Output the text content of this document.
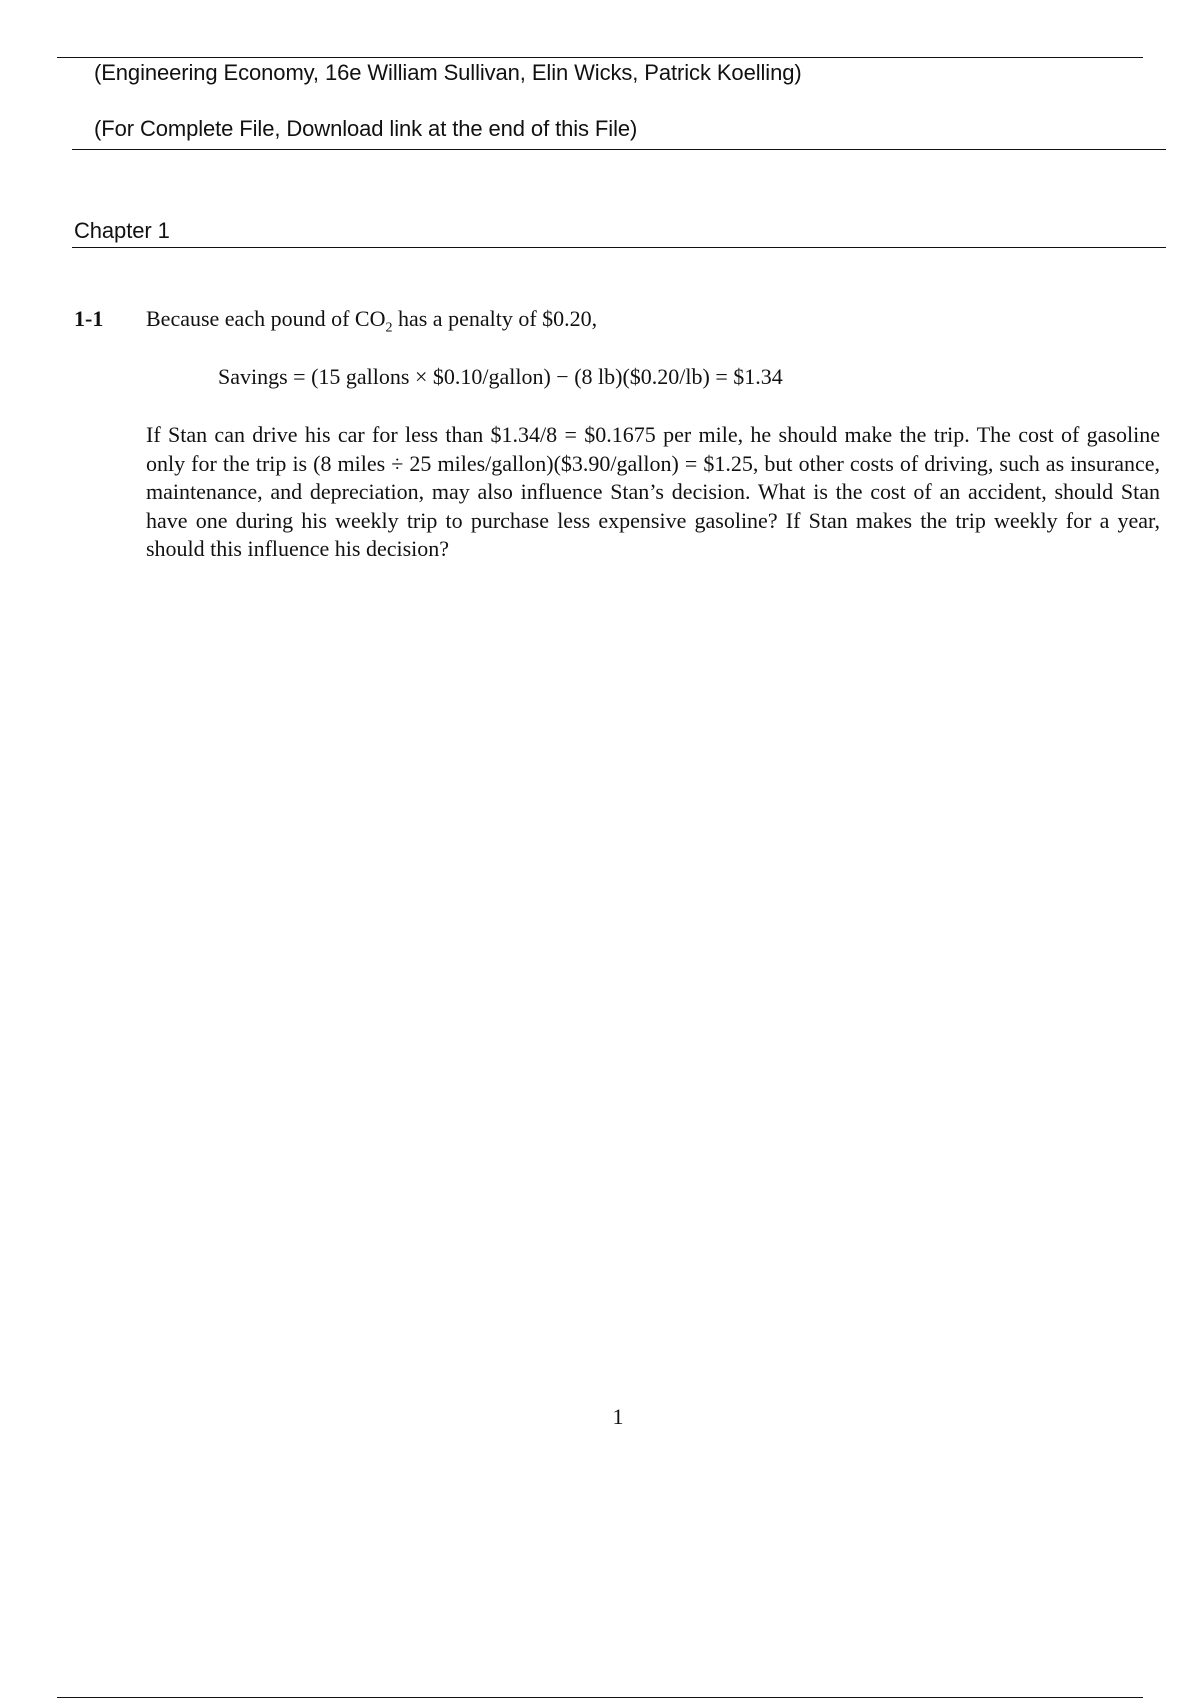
(Engineering Economy, 16e William Sullivan, Elin Wicks, Patrick Koelling)
(For Complete File, Download link at the end of this File)
Chapter 1
1-1 Because each pound of $CO_2$ has a penalty of $0.20,
Savings = (15 gallons × $0.10/gallon) − (8 lb)($0.20/lb) = $1.34

If Stan can drive his car for less than $1.34/8 = $0.1675 per mile, he should make the trip. The cost of gasoline only for the trip is (8 miles ÷ 25 miles/gallon)($3.90/gallon) = $1.25, but other costs of driving, such as insurance, maintenance, and depreciation, may also influence Stan’s decision. What is the cost of an accident, should Stan have one during his weekly trip to purchase less expensive gasoline? If Stan makes the trip weekly for a year, should this influence his decision?

1
